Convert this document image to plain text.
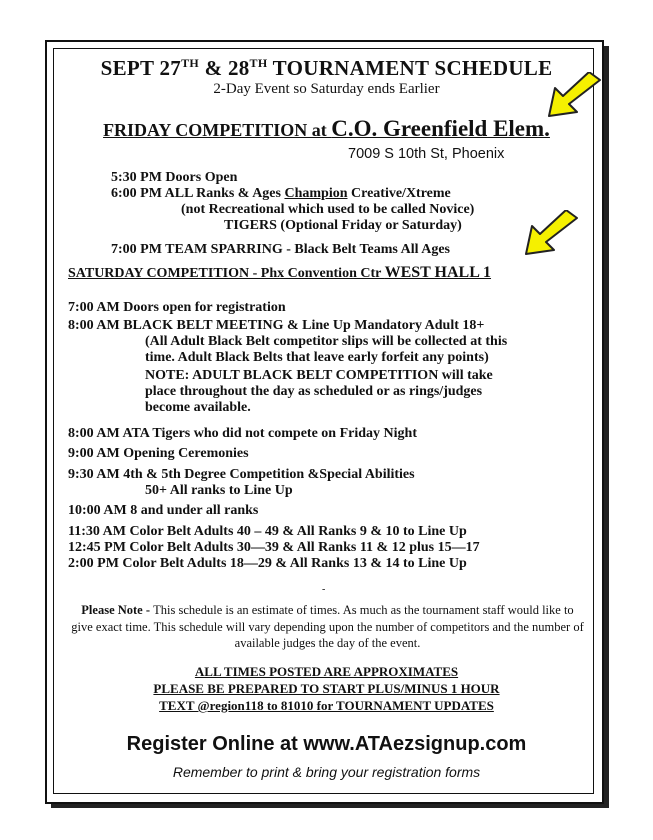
SEPT 27TH & 28TH TOURNAMENT SCHEDULE
2-Day Event so Saturday ends Earlier
FRIDAY COMPETITION at C.O. Greenfield Elem.
7009 S 10th St, Phoenix
5:30 PM Doors Open
6:00 PM ALL Ranks & Ages Champion Creative/Xtreme
(not Recreational which used to be called Novice)
TIGERS (Optional Friday or Saturday)
7:00 PM TEAM SPARRING - Black Belt Teams All Ages
SATURDAY COMPETITION - Phx Convention Ctr WEST HALL 1
7:00 AM Doors open for registration
8:00 AM BLACK BELT MEETING & Line Up Mandatory Adult 18+
(All Adult Black Belt competitor slips will be collected at this
time. Adult Black Belts that leave early forfeit any points)
NOTE: ADULT BLACK BELT COMPETITION will take
place throughout the day as scheduled or as rings/judges
become available.
8:00 AM ATA Tigers who did not compete on Friday Night
9:00 AM Opening Ceremonies
9:30 AM 4th & 5th Degree Competition &Special Abilities
50+ All ranks to Line Up
10:00 AM 8 and under all ranks
11:30 AM Color Belt Adults 40 – 49 & All Ranks 9 & 10 to Line Up
12:45 PM Color Belt Adults 30—39 & All Ranks 11 & 12 plus 15—17
2:00 PM Color Belt Adults 18—29 & All Ranks 13 & 14 to Line Up
-
Please Note - This schedule is an estimate of times. As much as the tournament staff would like to give exact time. This schedule will vary depending upon the number of competitors and the number of available judges the day of the event.
ALL TIMES POSTED ARE APPROXIMATES
PLEASE BE PREPARED TO START PLUS/MINUS 1 HOUR
TEXT @region118 to 81010 for TOURNAMENT UPDATES
Register Online at www.ATAezsignup.com
Remember to print & bring your registration forms
